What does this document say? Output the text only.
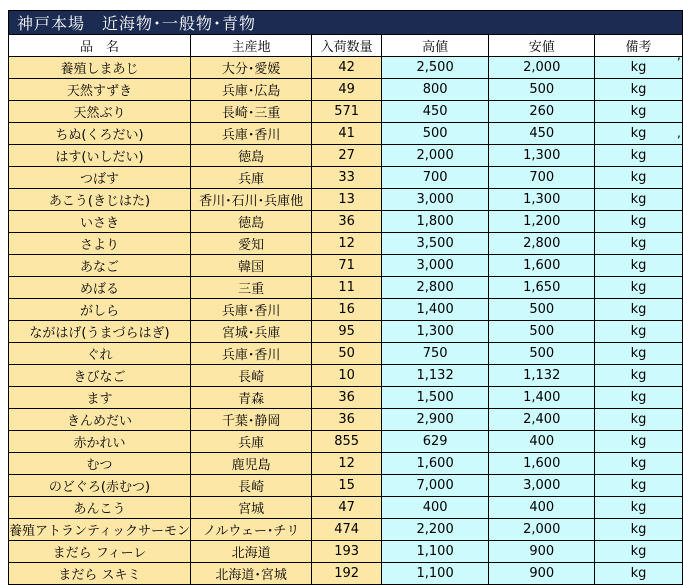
神戸本場　近海物･一般物･青物					
品　名	主産地	入荷数量	高値	安値	備考
養殖しまあじ	大分･愛媛	42	2,500	2,000	kg
天然すずき	兵庫･広島	49	800	500	kg
天然ぶり	長崎･三重	571	450	260	kg
ちぬ(くろだい)	兵庫･香川	41	500	450	kg
はす(いしだい)	徳島	27	2,000	1,300	kg
つばす	兵庫	33	700	700	kg
あこう(きじはた)	香川･石川･兵庫他	13	3,000	1,300	kg
いさき	徳島	36	1,800	1,200	kg
さより	愛知	12	3,500	2,800	kg
あなご	韓国	71	3,000	1,600	kg
めばる	三重	11	2,800	1,650	kg
がしら	兵庫･香川	16	1,400	500	kg
ながはげ(うまづらはぎ)	宮城･兵庫	95	1,300	500	kg
ぐれ	兵庫･香川	50	750	500	kg
きびなご	長崎	10	1,132	1,132	kg
ます	青森	36	1,500	1,400	kg
きんめだい	千葉･静岡	36	2,900	2,400	kg
赤かれい	兵庫	855	629	400	kg
むつ	鹿児島	12	1,600	1,600	kg
のどぐろ(赤むつ)	長崎	15	7,000	3,000	kg
あんこう	宮城	47	400	400	kg
養殖アトランティックサーモン	ノルウェー･チリ	474	2,200	2,000	kg
まだら フィーレ	北海道	193	1,100	900	kg
まだら スキミ	北海道･宮城	192	1,100	900	kg
,
,
